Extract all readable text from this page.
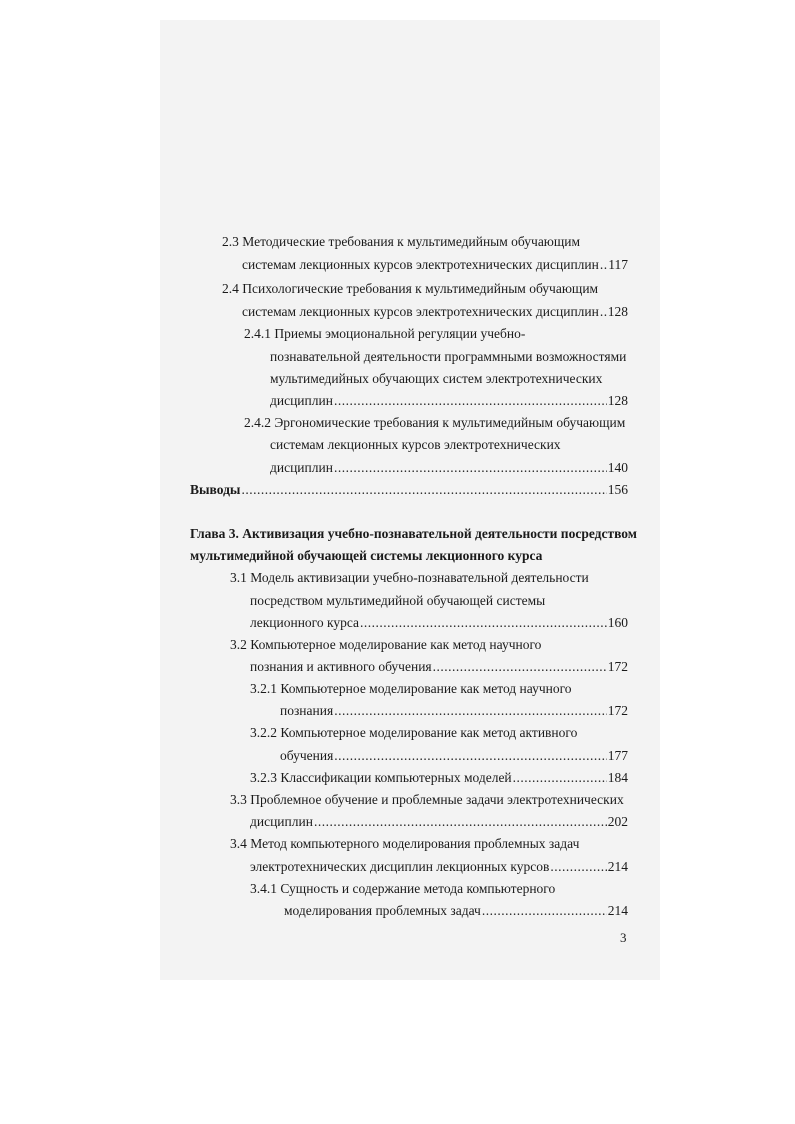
2.3 Методические требования к мультимедийным обучающим
системам лекционных курсов электротехнических дисциплин ..... 117
2.4 Психологические требования к мультимедийным обучающим
системам лекционных курсов электротехнических дисциплин ..... 128
2.4.1 Приемы эмоциональной регуляции учебно-
познавательной деятельности программными возможностями
мультимедийных обучающих систем электротехнических
дисциплин .....	128
2.4.2 Эргономические требования к мультимедийным обучающим
системам лекционных курсов электротехнических
дисциплин .....	140
Выводы .....	156
Глава 3. Активизация учебно-познавательной деятельности посредством
мультимедийной обучающей системы лекционного курса
3.1 Модель активизации учебно-познавательной деятельности
посредством мультимедийной обучающей системы
лекционного курса .....	160
3.2 Компьютерное моделирование как метод научного
познания и активного обучения .....	172
3.2.1 Компьютерное моделирование как метод научного
познания .....	172
3.2.2 Компьютерное моделирование как метод активного
обучения .....	177
3.2.3 Классификации компьютерных моделей .....	184
3.3 Проблемное обучение и проблемные задачи электротехнических
дисциплин .....	202
3.4 Метод компьютерного моделирования проблемных задач
электротехнических дисциплин лекционных курсов .....	214
3.4.1 Сущность и содержание метода компьютерного
моделирования проблемных задач .....	214
3
